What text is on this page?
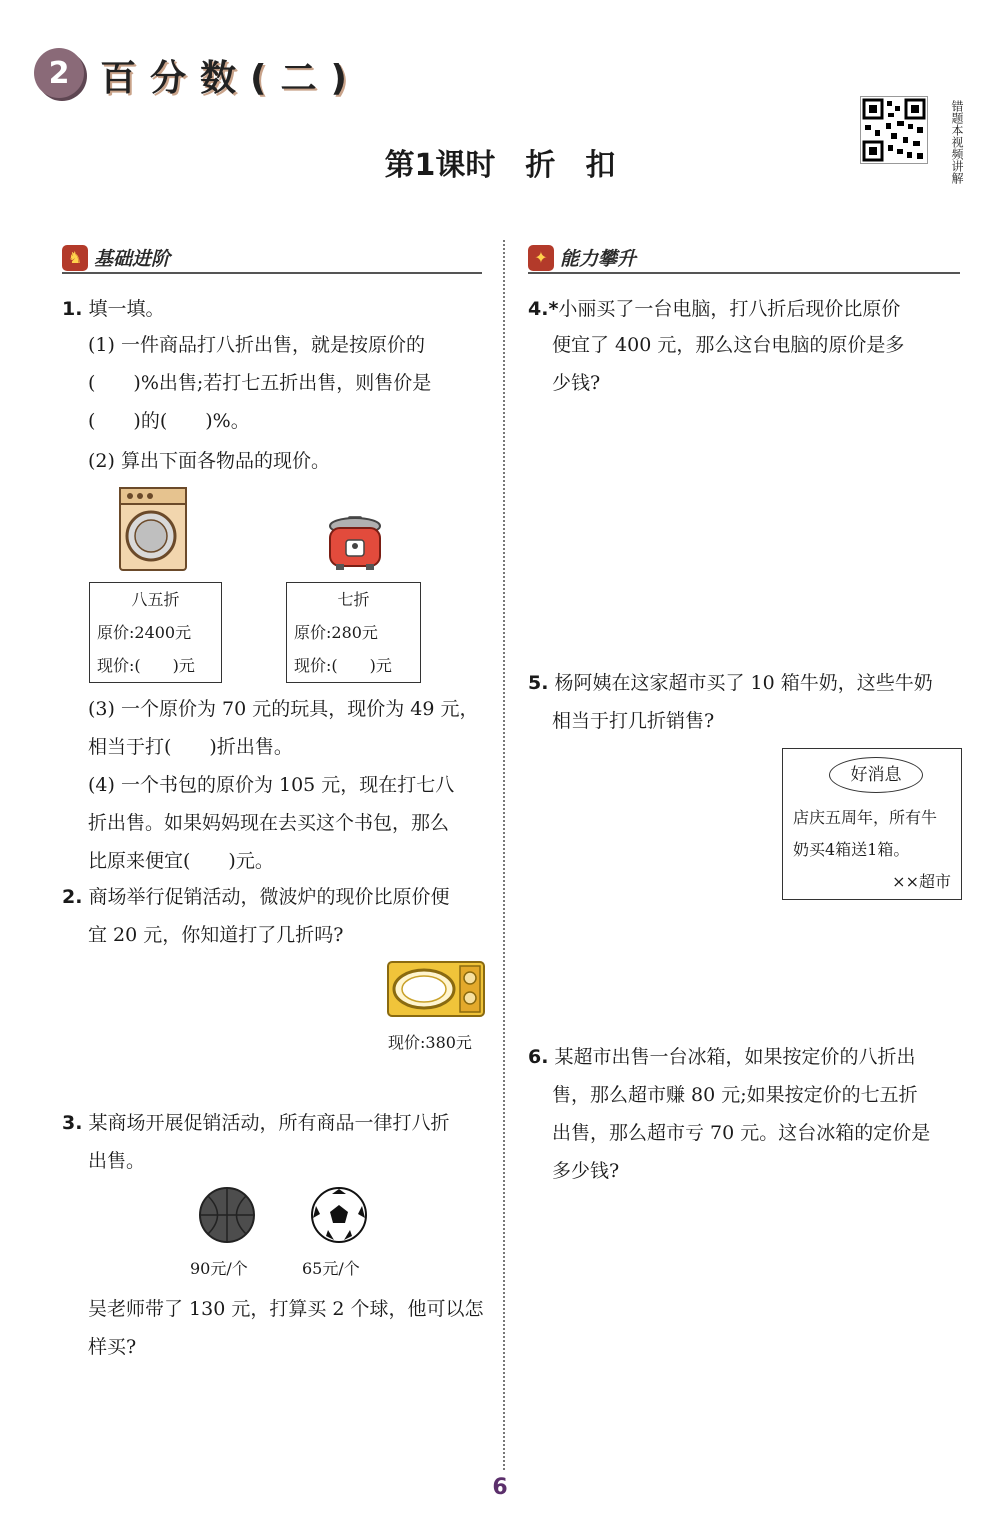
2 百分数(二)
第1课时　折　扣	错题本视频讲解
♞ 基础进阶	✦ 能力攀升
1. 填一填。
(1) 一件商品打八折出售，就是按原价的
(　　)%出售;若打七五折出售，则售价是
(　　)的(　　)%。
(2) 算出下面各物品的现价。
八五折
原价:2400元
现价:(　　)元
七折
原价:280元
现价:(　　)元
(3) 一个原价为 70 元的玩具，现价为 49 元，
相当于打(　　)折出售。
(4) 一个书包的原价为 105 元，现在打七八
折出售。如果妈妈现在去买这个书包，那么
比原来便宜(　　)元。
2. 商场举行促销活动，微波炉的现价比原价便
宜 20 元，你知道打了几折吗?
现价:380元
3. 某商场开展促销活动，所有商品一律打八折
出售。
90元/个	65元/个
吴老师带了 130 元，打算买 2 个球，他可以怎
样买?
4.*小丽买了一台电脑，打八折后现价比原价
便宜了 400 元，那么这台电脑的原价是多
少钱?
5. 杨阿姨在这家超市买了 10 箱牛奶，这些牛奶
相当于打几折销售?
好消息
店庆五周年，所有牛
奶买4箱送1箱。
××超市
6. 某超市出售一台冰箱，如果按定价的八折出
售，那么超市赚 80 元;如果按定价的七五折
出售，那么超市亏 70 元。这台冰箱的定价是
多少钱?
6
